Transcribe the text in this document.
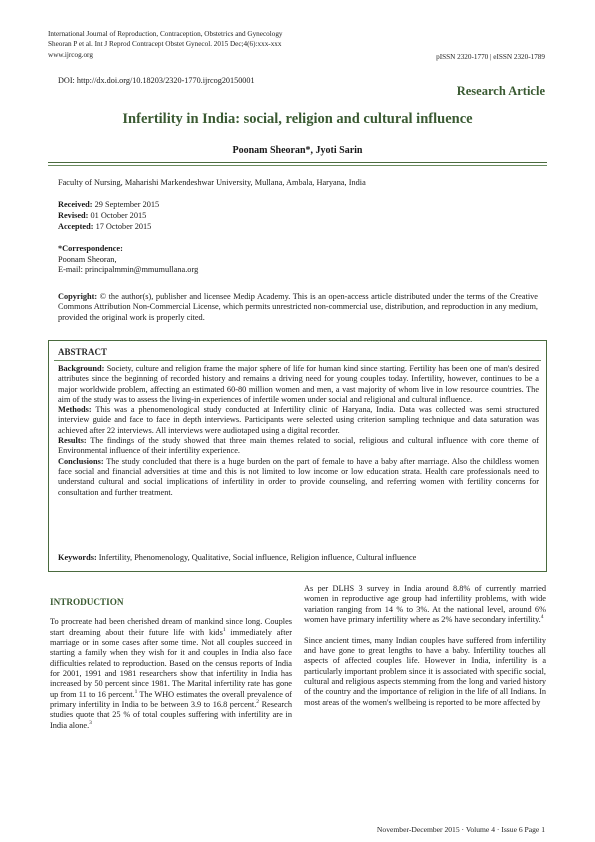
International Journal of Reproduction, Contraception, Obstetrics and Gynecology
Sheoran P et al. Int J Reprod Contracept Obstet Gynecol. 2015 Dec;4(6):xxx-xxx
www.ijrcog.org	pISSN 2320-1770 | eISSN 2320-1789
DOI: http://dx.doi.org/10.18203/2320-1770.ijrcog20150001
Research Article
Infertility in India: social, religion and cultural influence
Poonam Sheoran*, Jyoti Sarin
Faculty of Nursing, Maharishi Markendeshwar University, Mullana, Ambala, Haryana, India
Received: 29 September 2015
Revised: 01 October 2015
Accepted: 17 October 2015
*Correspondence:
Poonam Sheoran,
E-mail: principalmmin@mmumullana.org
Copyright: © the author(s), publisher and licensee Medip Academy. This is an open-access article distributed under the terms of the Creative Commons Attribution Non-Commercial License, which permits unrestricted non-commercial use, distribution, and reproduction in any medium, provided the original work is properly cited.
ABSTRACT

Background: Society, culture and religion frame the major sphere of life for human kind since starting. Fertility has been one of man's desired attributes since the beginning of recorded history and remains a driving need for young couples today. Infertility, however, continues to be a major worldwide problem, affecting an estimated 60-80 million women and men, a vast majority of whom live in low resource countries. The aim of the study was to assess the living-in experiences of infertile women under social and religional and cultural influence.

Methods: This was a phenomenological study conducted at Infertility clinic of Haryana, India. Data was collected was semi structured interview guide and face to face in depth interviews. Participants were selected using criterion sampling technique and data saturation was achieved after 22 interviews. All interviews were audiotaped using a digital recorder.

Results: The findings of the study showed that three main themes related to social, religious and cultural influence with core theme of Environmental influence of their infertility experience.

Conclusions: The study concluded that there is a huge burden on the part of female to have a baby after marriage. Also the childless women face social and financial adversities at time and this is not limited to low income or low education strata. Health care professionals need to understand cultural and social implications of infertility in order to provide counseling, and referring women with fertility concerns for consultation and further treatment.

Keywords: Infertility, Phenomenology, Qualitative, Social influence, Religion influence, Cultural influence

INTRODUCTION

To procreate had been cherished dream of mankind since long. Couples start dreaming about their future life with kids$^1$ immediately after marriage or in some cases after some time. Not all couples succeed in starting a family when they wish for it and couples in India also face difficulties related to reproduction. Based on the census reports of India for 2001, 1991 and 1981 researchers show that infertility in India has increased by 50 percent since 1981. The Marital infertility rate has gone up from 11 to 16 percent.$^1$ The WHO estimates the overall prevalence of primary infertility in India to be between 3.9 to 16.8 percent.$^2$ Research studies quote that 25 % of total couples suffering with infertility are in India alone.$^3$

As per DLHS 3 survey in India around 8.8% of currently married women in reproductive age group had infertility problems, with wide variation ranging from 14 % to 3%. At the national level, around 6% women have primary infertility where as 2% have secondary infertility.$^4$

Since ancient times, many Indian couples have suffered from infertility and have gone to great lengths to have a baby. Infertility touches all aspects of affected couples life. However in India, infertility is a particularly important problem since it is associated with specific social, cultural and religious aspects stemming from the long and varied history of the country and the importance of religion in the life of all Indians. In most areas of the women's wellbeing is reported to be more affected by

November-December 2015 · Volume 4 · Issue 6 Page 1
